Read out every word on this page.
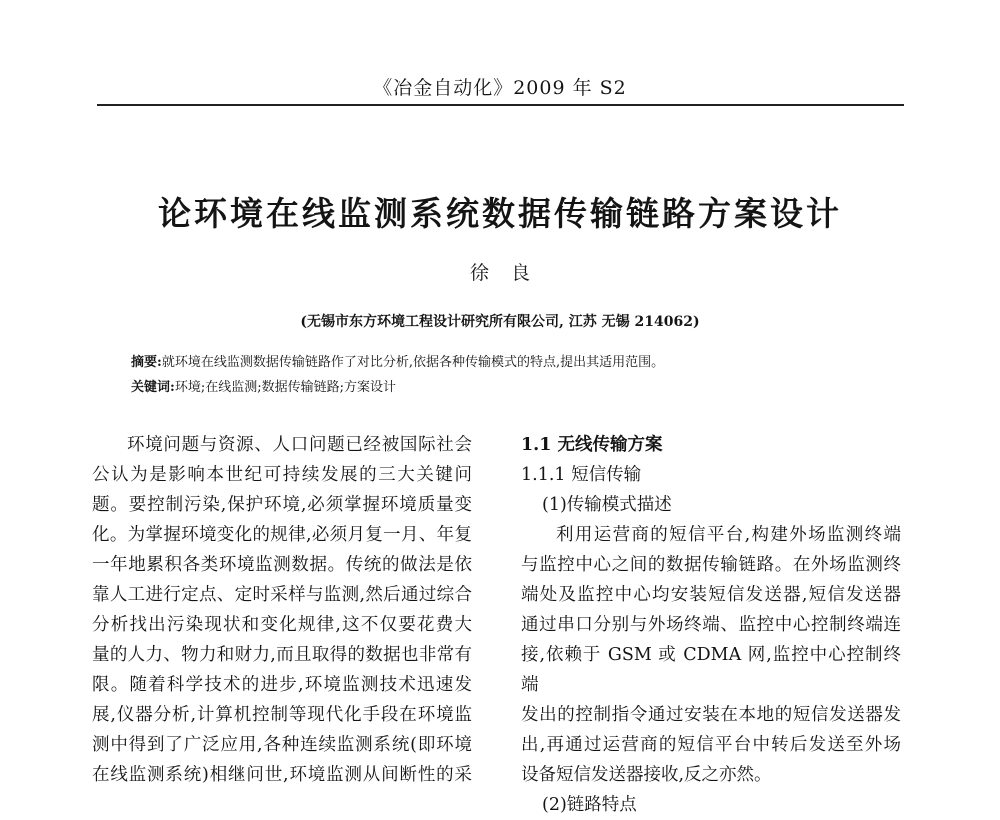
《冶金自动化》2009 年 S2
论环境在线监测系统数据传输链路方案设计
徐良
(无锡市东方环境工程设计研究所有限公司, 江苏 无锡 214062)
摘要:就环境在线监测数据传输链路作了对比分析,依据各种传输模式的特点,提出其适用范围。
关键词:环境;在线监测;数据传输链路;方案设计

环境问题与资源、人口问题已经被国际社会

公认为是影响本世纪可持续发展的三大关键问

题。要控制污染,保护环境,必须掌握环境质量变

化。为掌握环境变化的规律,必须月复一月、年复

一年地累积各类环境监测数据。传统的做法是依

靠人工进行定点、定时采样与监测,然后通过综合

分析找出污染现状和变化规律,这不仅要花费大

量的人力、物力和财力,而且取得的数据也非常有

限。随着科学技术的进步,环境监测技术迅速发

展,仪器分析,计算机控制等现代化手段在环境监

测中得到了广泛应用,各种连续监测系统(即环境

在线监测系统)相继问世,环境监测从间断性的采

1.1 无线传输方案

1.1.1 短信传输

(1)传输模式描述

利用运营商的短信平台,构建外场监测终端

与监控中心之间的数据传输链路。在外场监测终

端处及监控中心均安装短信发送器,短信发送器

通过串口分别与外场终端、监控中心控制终端连

接,依赖于 GSM 或 CDMA 网,监控中心控制终端

发出的控制指令通过安装在本地的短信发送器发

出,再通过运营商的短信平台中转后发送至外场

设备短信发送器接收,反之亦然。

(2)链路特点
